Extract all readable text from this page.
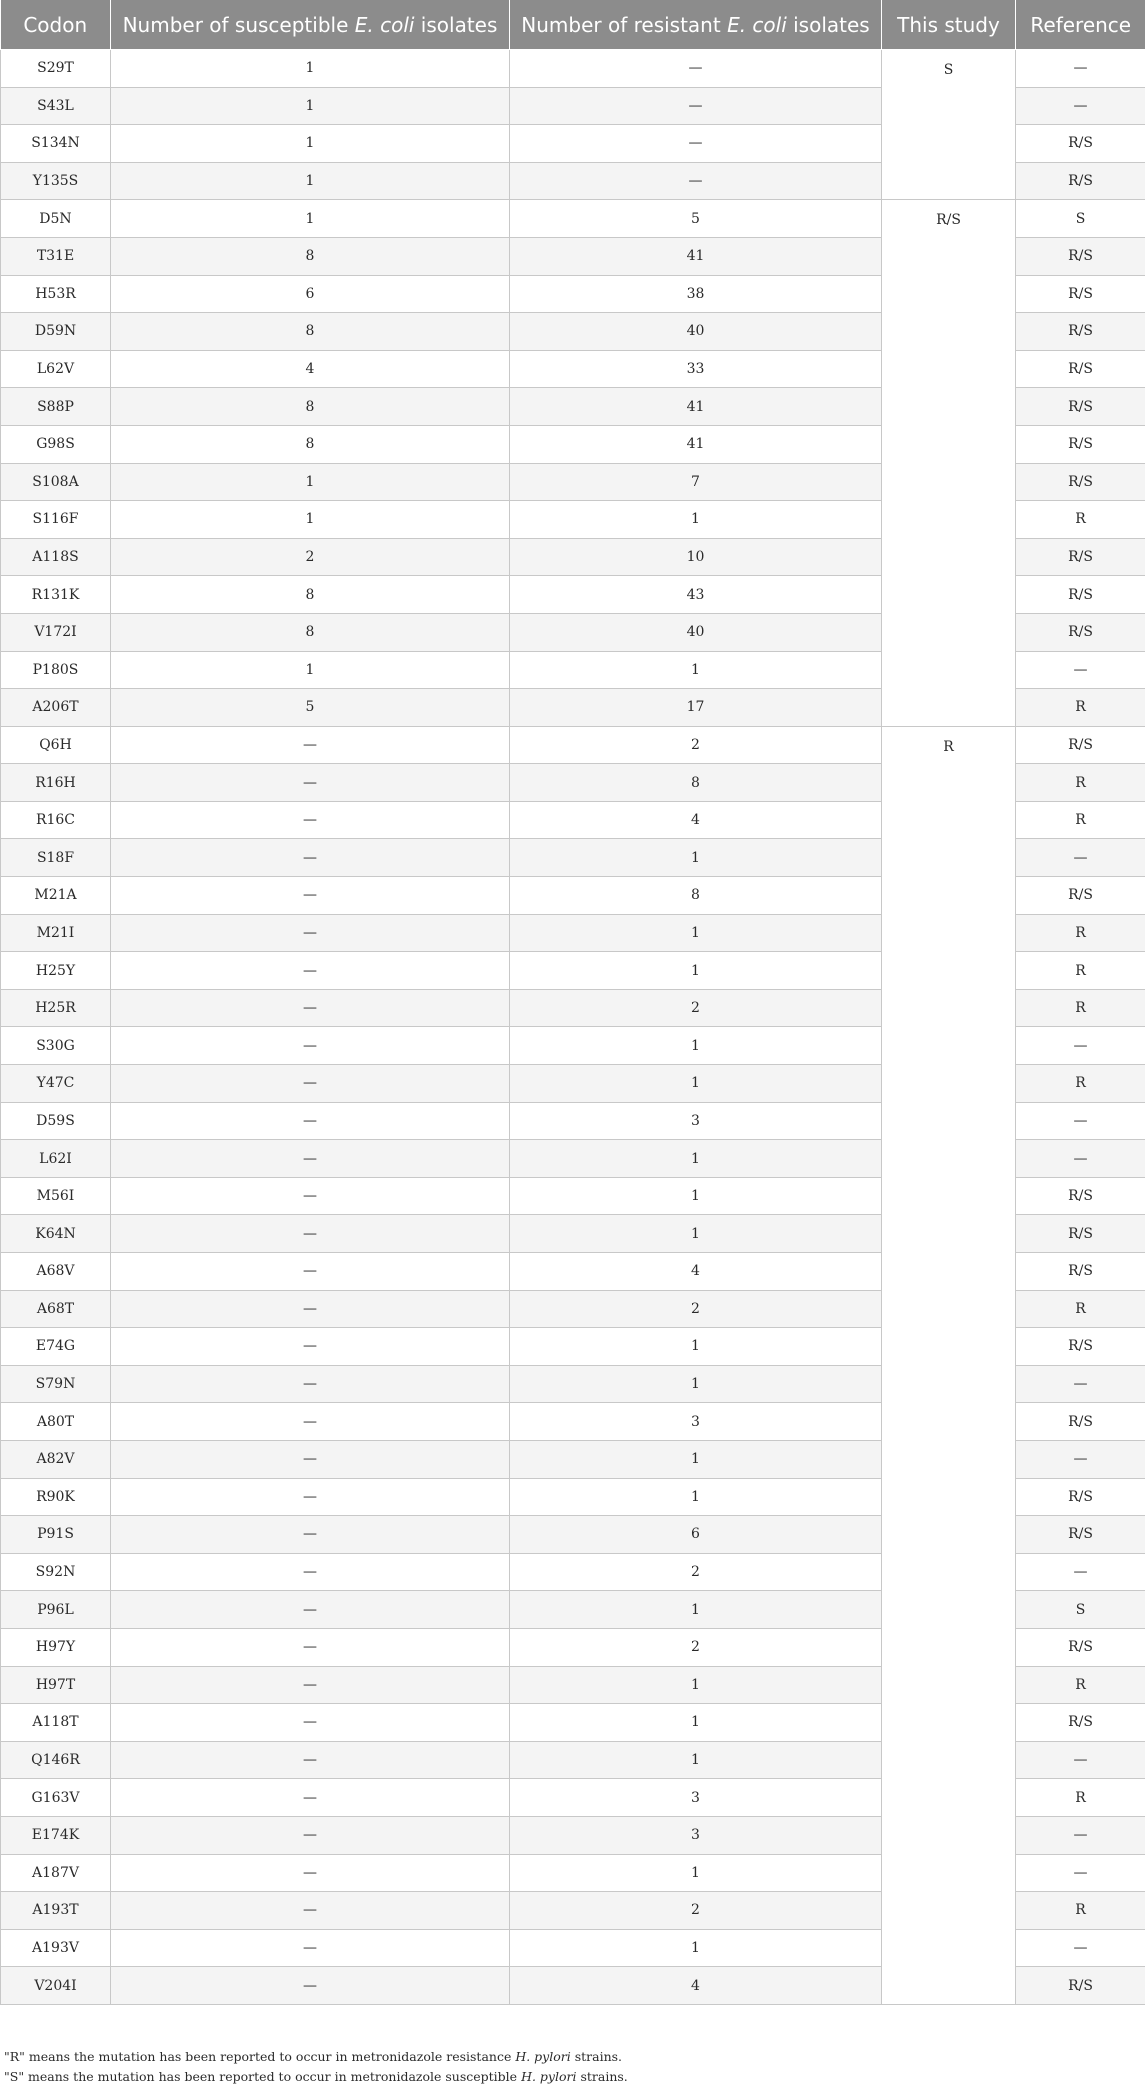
Codon	Number of susceptible E. coli isolates	Number of resistant E. coli isolates	This study	Reference
S29T	1	—	S	—
S43L	1	—		—
S134N	1	—		R/S
Y135S	1	—		R/S
D5N	1	5	R/S	S
T31E	8	41		R/S
H53R	6	38		R/S
D59N	8	40		R/S
L62V	4	33		R/S
S88P	8	41		R/S
G98S	8	41		R/S
S108A	1	7		R/S
S116F	1	1		R
A118S	2	10		R/S
R131K	8	43		R/S
V172I	8	40		R/S
P180S	1	1		—
A206T	5	17		R
Q6H	—	2	R	R/S
R16H	—	8		R
R16C	—	4		R
S18F	—	1		—
M21A	—	8		R/S
M21I	—	1		R
H25Y	—	1		R
H25R	—	2		R
S30G	—	1		—
Y47C	—	1		R
D59S	—	3		—
L62I	—	1		—
M56I	—	1		R/S
K64N	—	1		R/S
A68V	—	4		R/S
A68T	—	2		R
E74G	—	1		R/S
S79N	—	1		—
A80T	—	3		R/S
A82V	—	1		—
R90K	—	1		R/S
P91S	—	6		R/S
S92N	—	2		—
P96L	—	1		S
H97Y	—	2		R/S
H97T	—	1		R
A118T	—	1		R/S
Q146R	—	1		—
G163V	—	3		R
E174K	—	3		—
A187V	—	1		—
A193T	—	2		R
A193V	—	1		—
V204I	—	4		R/S
"R" means the mutation has been reported to occur in metronidazole resistance H. pylori strains.
"S" means the mutation has been reported to occur in metronidazole susceptible H. pylori strains.
